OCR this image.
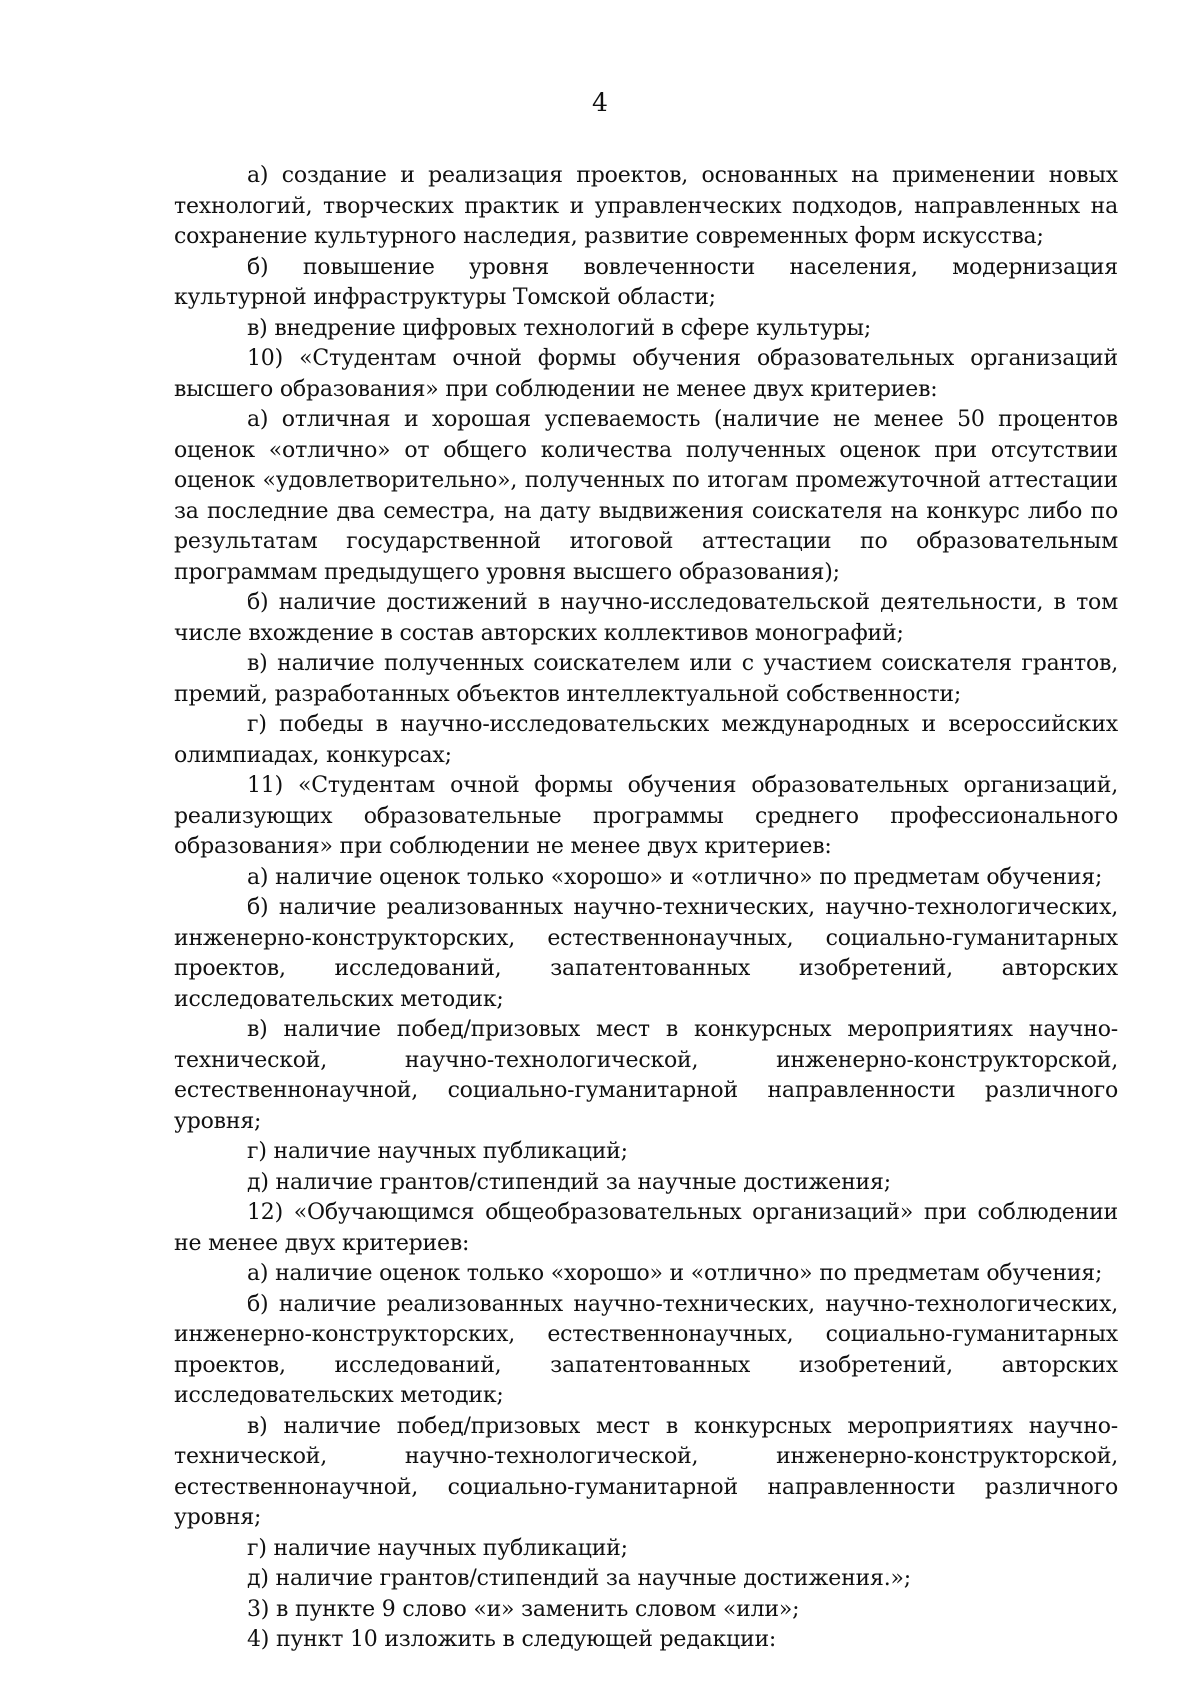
4

а) создание и реализация проектов, основанных на применении новых технологий, творческих практик и управленческих подходов, направленных на сохранение культурного наследия, развитие современных форм искусства;

б) повышение уровня вовлеченности населения, модернизация культурной инфраструктуры Томской области;

в) внедрение цифровых технологий в сфере культуры;

10) «Студентам очной формы обучения образовательных организаций высшего образования» при соблюдении не менее двух критериев:

а) отличная и хорошая успеваемость (наличие не менее 50 процентов оценок «отлично» от общего количества полученных оценок при отсутствии оценок «удовлетворительно», полученных по итогам промежуточной аттестации за последние два семестра, на дату выдвижения соискателя на конкурс либо по результатам государственной итоговой аттестации по образовательным программам предыдущего уровня высшего образования);

б) наличие достижений в научно-исследовательской деятельности, в том числе вхождение в состав авторских коллективов монографий;

в) наличие полученных соискателем или с участием соискателя грантов, премий, разработанных объектов интеллектуальной собственности;

г) победы в научно-исследовательских международных и всероссийских олимпиадах, конкурсах;

11) «Студентам очной формы обучения образовательных организаций, реализующих образовательные программы среднего профессионального образования» при соблюдении не менее двух критериев:

а) наличие оценок только «хорошо» и «отлично» по предметам обучения;

б) наличие реализованных научно-технических, научно-технологических, инженерно-конструкторских, естественнонаучных, социально-гуманитарных проектов, исследований, запатентованных изобретений, авторских исследовательских методик;

в) наличие побед/призовых мест в конкурсных мероприятиях научно-технической, научно-технологической, инженерно-конструкторской, естественнонаучной, социально-гуманитарной направленности различного уровня;

г) наличие научных публикаций;

д) наличие грантов/стипендий за научные достижения;

12) «Обучающимся общеобразовательных организаций» при соблюдении не менее двух критериев:

а) наличие оценок только «хорошо» и «отлично» по предметам обучения;

б) наличие реализованных научно-технических, научно-технологических, инженерно-конструкторских, естественнонаучных, социально-гуманитарных проектов, исследований, запатентованных изобретений, авторских исследовательских методик;

в) наличие побед/призовых мест в конкурсных мероприятиях научно-технической, научно-технологической, инженерно-конструкторской, естественнонаучной, социально-гуманитарной направленности различного уровня;

г) наличие научных публикаций;

д) наличие грантов/стипендий за научные достижения.»;

3) в пункте 9 слово «и» заменить словом «или»;

4) пункт 10 изложить в следующей редакции:
